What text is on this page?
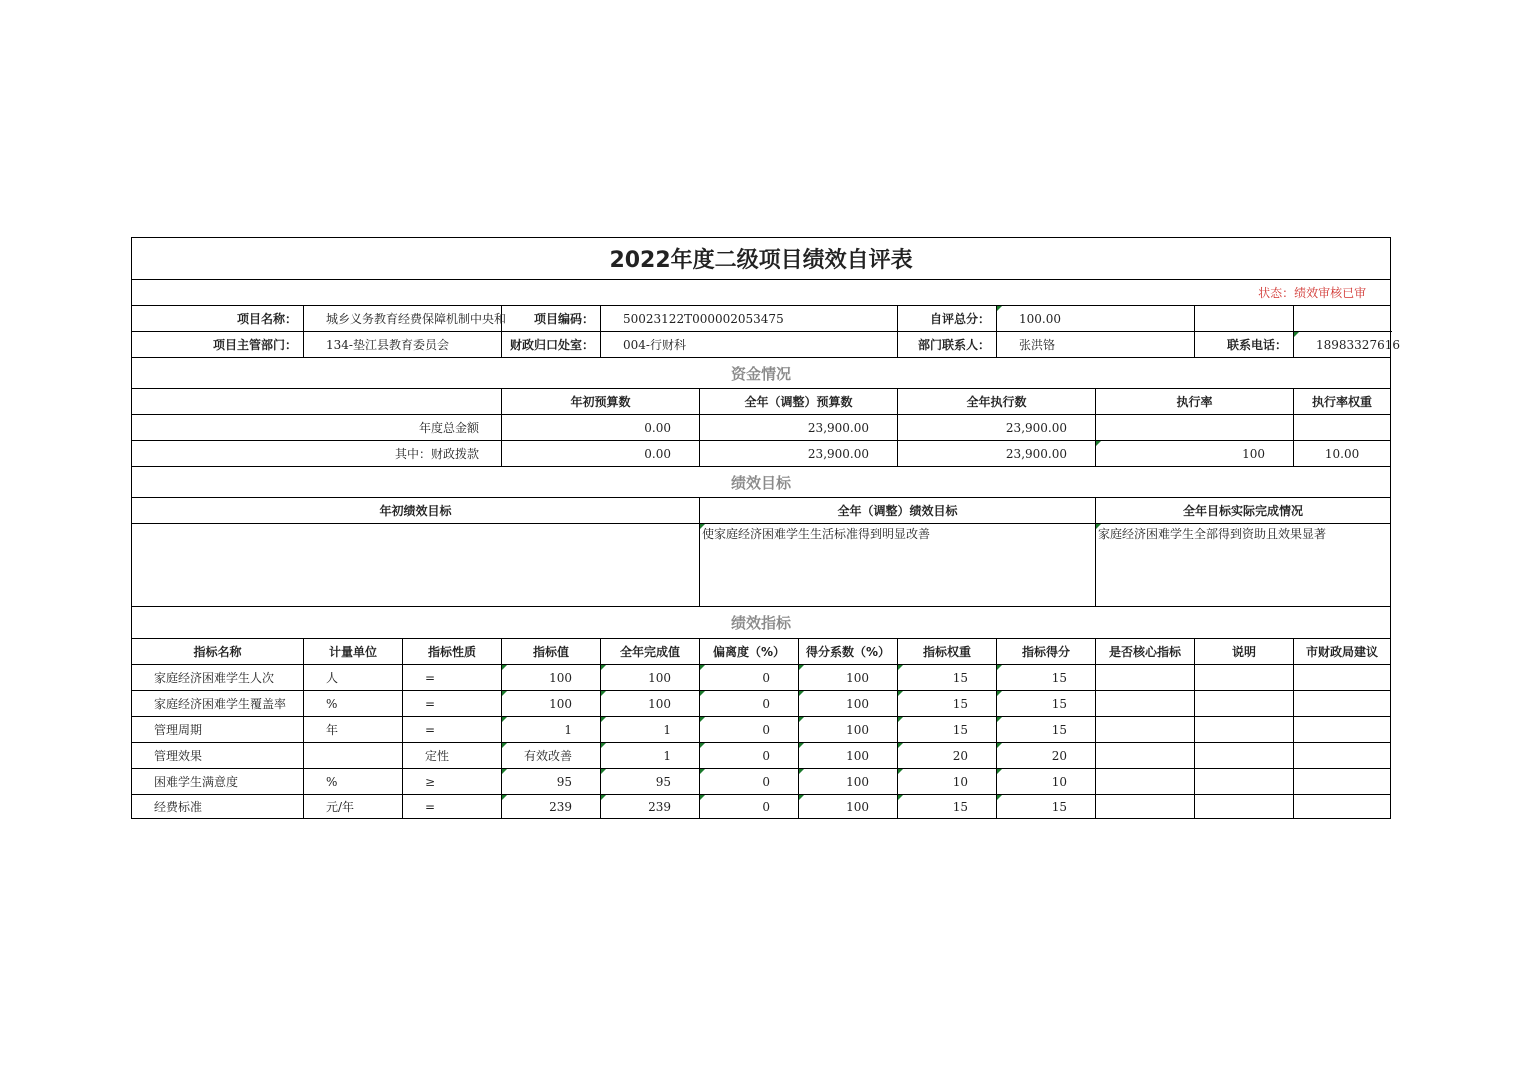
2022年度二级项目绩效自评表												
状态：绩效审核已审												
项目名称：	城乡义务教育经费保障机制中央和		项目编码：	50023122T000002053475			自评总分：	100.00				
项目主管部门：	134-垫江县教育委员会		财政归口处室：	004-行财科			部门联系人：	张洪铬		联系电话：	18983327616	
资金情况												
			年初预算数		全年（调整）预算数		全年执行数		执行率		执行率权重	
年度总金额			0.00		23,900.00		23,900.00					
其中：财政拨款			0.00		23,900.00		23,900.00		100		10.00	
绩效目标												
年初绩效目标					全年（调整）绩效目标				全年目标实际完成情况			
					使家庭经济困难学生生活标准得到明显改善				家庭经济困难学生全部得到资助且效果显著			
绩效指标												
指标名称	计量单位	指标性质	指标值	全年完成值	偏离度（%）	得分系数（%）	指标权重	指标得分	是否核心指标	说明	市财政局建议	
家庭经济困难学生人次	人	=	100	100	0	100	15	15				
家庭经济困难学生覆盖率	%	=	100	100	0	100	15	15				
管理周期	年	=	1	1	0	100	15	15				
管理效果		定性	有效改善	1	0	100	20	20				
困难学生满意度	%	≥	95	95	0	100	10	10				
经费标准	元/年	=	239	239	0	100	15	15				
